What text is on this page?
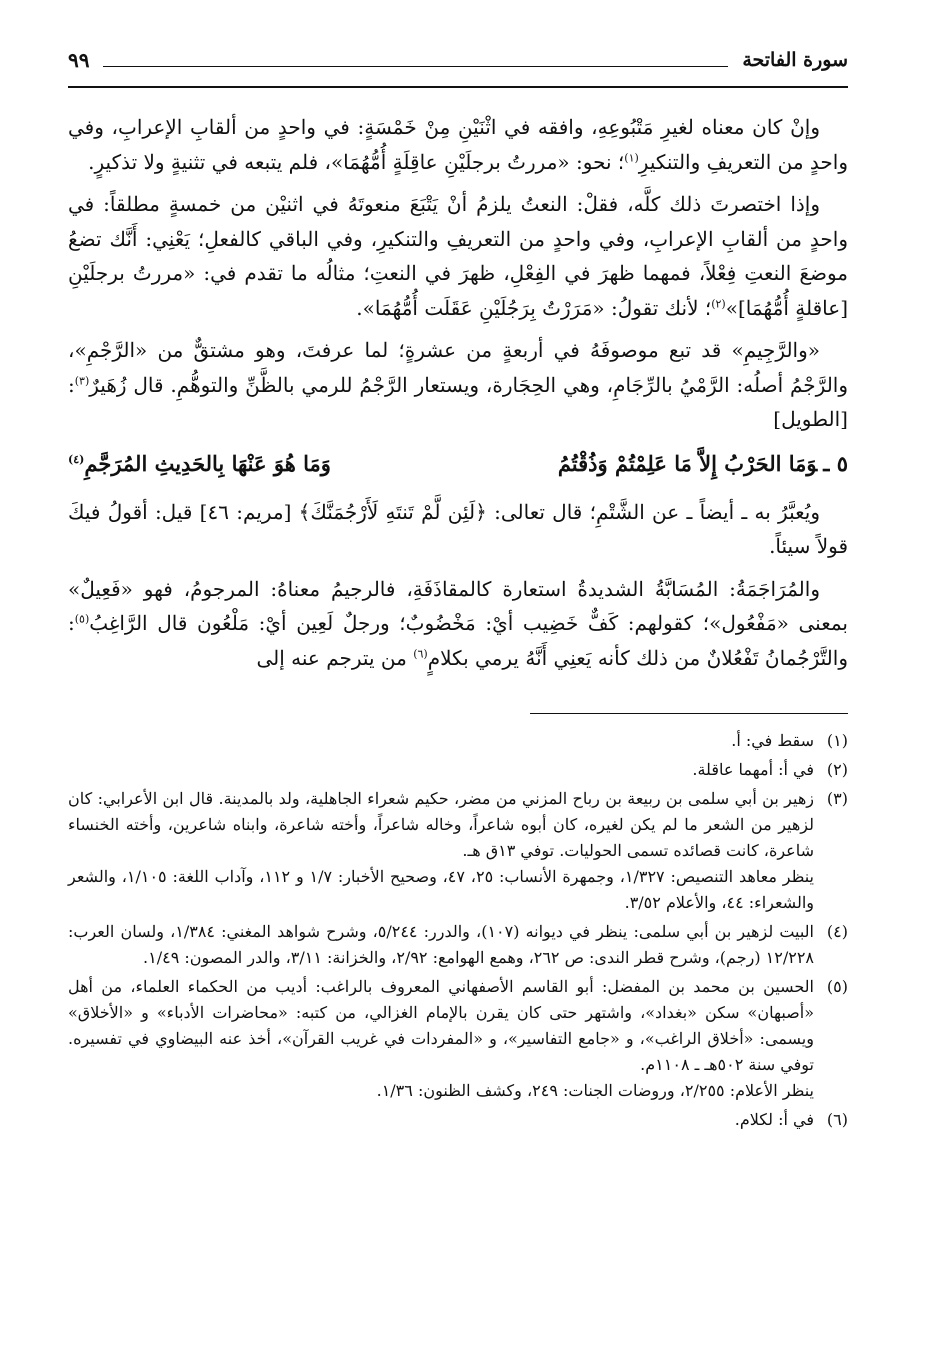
سورة الفاتحة
٩٩

وإنْ كان معناه لغيرِ مَتْبُوعِهِ، وافقه في اثْنَيْنِ مِنْ خَمْسَةٍ: في واحدٍ من ألقابِ الإعرابِ، وفي واحدٍ من التعريفِ والتنكيرِ$^{(١)}$؛ نحو: «مررتُ برجلَيْنِ عاقِلَةٍ أُمُّهُمَا»، فلم يتبعه في تثنيةٍ ولا تذكيرٍ.

وإذا اختصرتَ ذلك كلَّه، فقلْ: النعتُ يلزمُ أنْ يَتْبَعَ منعوتَهُ في اثنيْن من خمسةٍ مطلقاً: في واحدٍ من ألقابِ الإعرابِ، وفي واحدٍ من التعريفِ والتنكيرِ، وفي الباقي كالفعلِ؛ يَعْنِي: أَنَّك تضعُ موضعَ النعتِ فِعْلاً، فمهما ظهرَ في الفِعْلِ، ظهرَ في النعتِ؛ مثالُه ما تقدم في: «مررتُ برجلَيْنِ [عاقلةٍ أُمُّهُمَا]»$^{(٢)}$؛ لأنك تقولُ: «مَرَرْتُ بِرَجُلَيْنِ عَقَلَت أُمُّهُمَا».

«والرَّجِيمِ» قد تبع موصوفَهُ في أربعةٍ من عشرةٍ؛ لما عرفتَ، وهو مشتقٌّ من «الرَّجْمِ»، والرَّجْمُ أصلُه: الرَّمْيُ بالرِّجَامِ، وهي الحِجَارة، ويستعار الرَّجْمُ للرمي بالظَّنِّ والتوهُّمِ. قال زُهَيرٌ$^{(٣)}$: [الطويل]

٥ ـوَمَا الحَرْبُ إِلاَّ مَا عَلِمْتُمْ وَذُقْتُمُ
وَمَا هُوَ عَنْهَا بِالحَدِيثِ المُرَجَّمِ$^{(٤)}$

ويُعبَّرُ به ـ أيضاً ـ عن الشَّتْمِ؛ قال تعالى: ﴿لَئِن لَّمْ تَنتَهِ لَأَرْجُمَنَّكَ﴾ [مريم: ٤٦] قيل: أقولُ فيكَ قولاً سيئاً.

والمُرَاجَمَةُ: المُسَابَّةُ الشديدةُ استعارة كالمقاذَفَةِ، فالرجيمُ معناهُ: المرجومُ، فهو «فَعِيلٌ» بمعنى «مَفْعُول»؛ كقولهم: كَفٌّ خَضِيب أيْ: مَخْضُوبٌ؛ ورجلٌ لَعِين أيْ: مَلْعُون قال الرَّاغِبُ$^{(٥)}$: والتَّرْجُمانُ تَفْعُلانٌ من ذلك كأنه يَعنِي أَنَّهُ يرمي بكلامٍ$^{(٦)}$ من يترجم عنه إلى

(١)

سقط في: أ.

(٢)

في أ: أمهما عاقلة.

(٣)

زهير بن أبي سلمى بن ربيعة بن رباح المزني من مضر، حكيم شعراء الجاهلية، ولد بالمدينة. قال ابن الأعرابي: كان لزهير من الشعر ما لم يكن لغيره، كان أبوه شاعراً، وخاله شاعراً، وأخته شاعرة، وابناه شاعرين، وأخته الخنساء شاعرة، كانت قصائده تسمى الحوليات. توفي ١٣ق هـ.

ينظر معاهد التنصيص: ١/٣٢٧، وجمهرة الأنساب: ٢٥، ٤٧، وصحيح الأخبار: ١/٧ و ١١٢، وآداب اللغة: ١/١٠٥، والشعر والشعراء: ٤٤، والأعلام ٣/٥٢.

(٤)

البيت لزهير بن أبي سلمى: ينظر في ديوانه (١٠٧)، والدرر: ٥/٢٤٤، وشرح شواهد المغني: ١/٣٨٤، ولسان العرب: ١٢/٢٢٨ (رجم)، وشرح قطر الندى: ص ٢٦٢، وهمع الهوامع: ٢/٩٢، والخزانة: ٣/١١، والدر المصون: ١/٤٩.

(٥)

الحسين بن محمد بن المفضل: أبو القاسم الأصفهاني المعروف بالراغب: أديب من الحكماء العلماء، من أهل «أصبهان» سكن «بغداد»، واشتهر حتى كان يقرن بالإمام الغزالي، من كتبه: «محاضرات الأدباء» و «الأخلاق» ويسمى: «أخلاق الراغب»، و «جامع التفاسير»، و «المفردات في غريب القرآن»، أخذ عنه البيضاوي في تفسيره. توفي سنة ٥٠٢هـ ـ ١١٠٨م.

ينظر الأعلام: ٢/٢٥٥، وروضات الجنات: ٢٤٩، وكشف الظنون: ١/٣٦.

(٦)

في أ: لكلام.
